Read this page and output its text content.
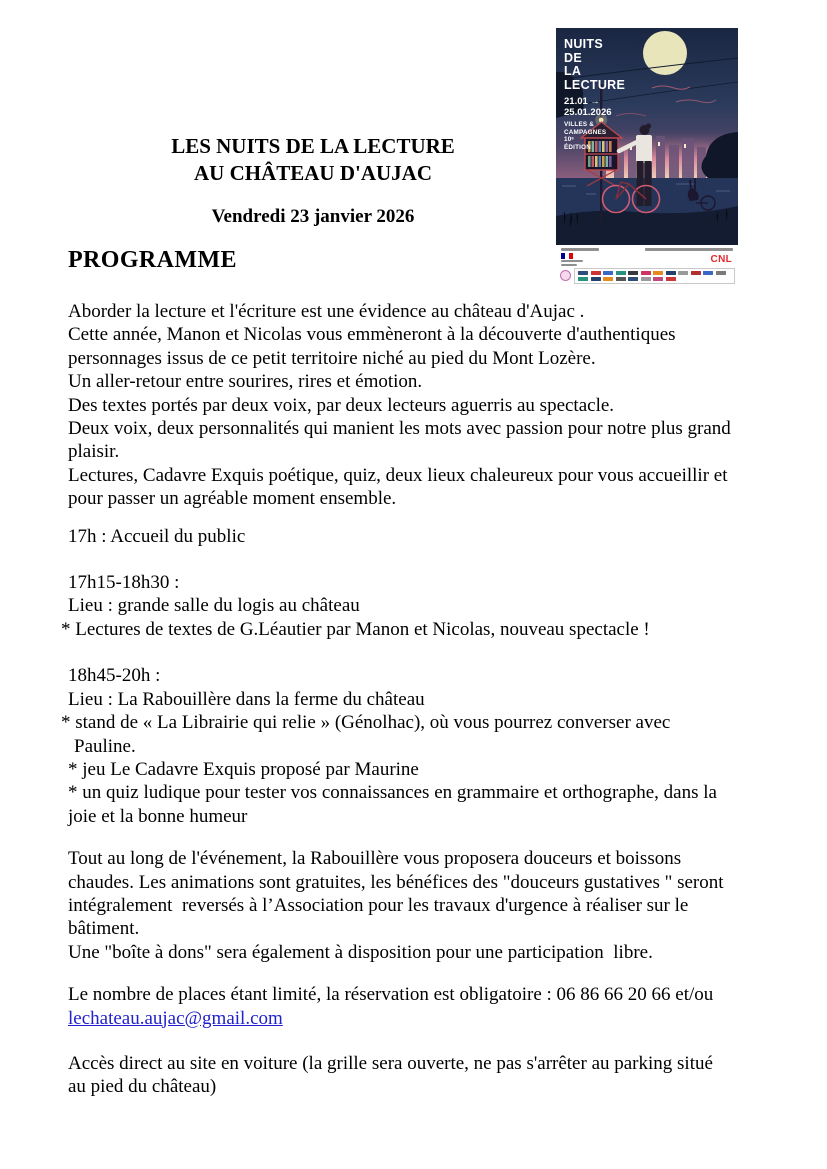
NUITS
DE
LA
LECTURE
21.01 →
25.01.2026
VILLES &
CAMPAGNES
10ᵉ
ÉDITION
CNL
LES NUITS DE LA LECTURE
AU CHÂTEAU D'AUJAC
Vendredi 23 janvier 2026
PROGRAMME
Aborder la lecture et l'écriture est une évidence au château d'Aujac .
Cette année, Manon et Nicolas vous emmèneront à la découverte d'authentiques
personnages issus de ce petit territoire niché au pied du Mont Lozère.
Un aller-retour entre sourires, rires et émotion.
Des textes portés par deux voix, par deux lecteurs aguerris au spectacle.
Deux voix, deux personnalités qui manient les mots avec passion pour notre plus grand
plaisir.
Lectures, Cadavre Exquis poétique, quiz, deux lieux chaleureux pour vous accueillir et
pour passer un agréable moment ensemble.
17h : Accueil du public
17h15-18h30 :
Lieu : grande salle du logis au château
* Lectures de textes de G.Léautier par Manon et Nicolas, nouveau spectacle !
18h45-20h :
Lieu : La Rabouillère dans la ferme du château
* stand de « La Librairie qui relie » (Génolhac), où vous pourrez converser avec
Pauline.
* jeu Le Cadavre Exquis proposé par Maurine
* un quiz ludique pour tester vos connaissances en grammaire et orthographe, dans la
joie et la bonne humeur
Tout au long de l'événement, la Rabouillère vous proposera douceurs et boissons
chaudes. Les animations sont gratuites, les bénéfices des "douceurs gustatives " seront
intégralement  reversés à l’Association pour les travaux d'urgence à réaliser sur le
bâtiment.
Une "boîte à dons" sera également à disposition pour une participation  libre.
Le nombre de places étant limité, la réservation est obligatoire : 06 86 66 20 66 et/ou
lechateau.aujac@gmail.com
Accès direct au site en voiture (la grille sera ouverte, ne pas s'arrêter au parking situé
au pied du château)
